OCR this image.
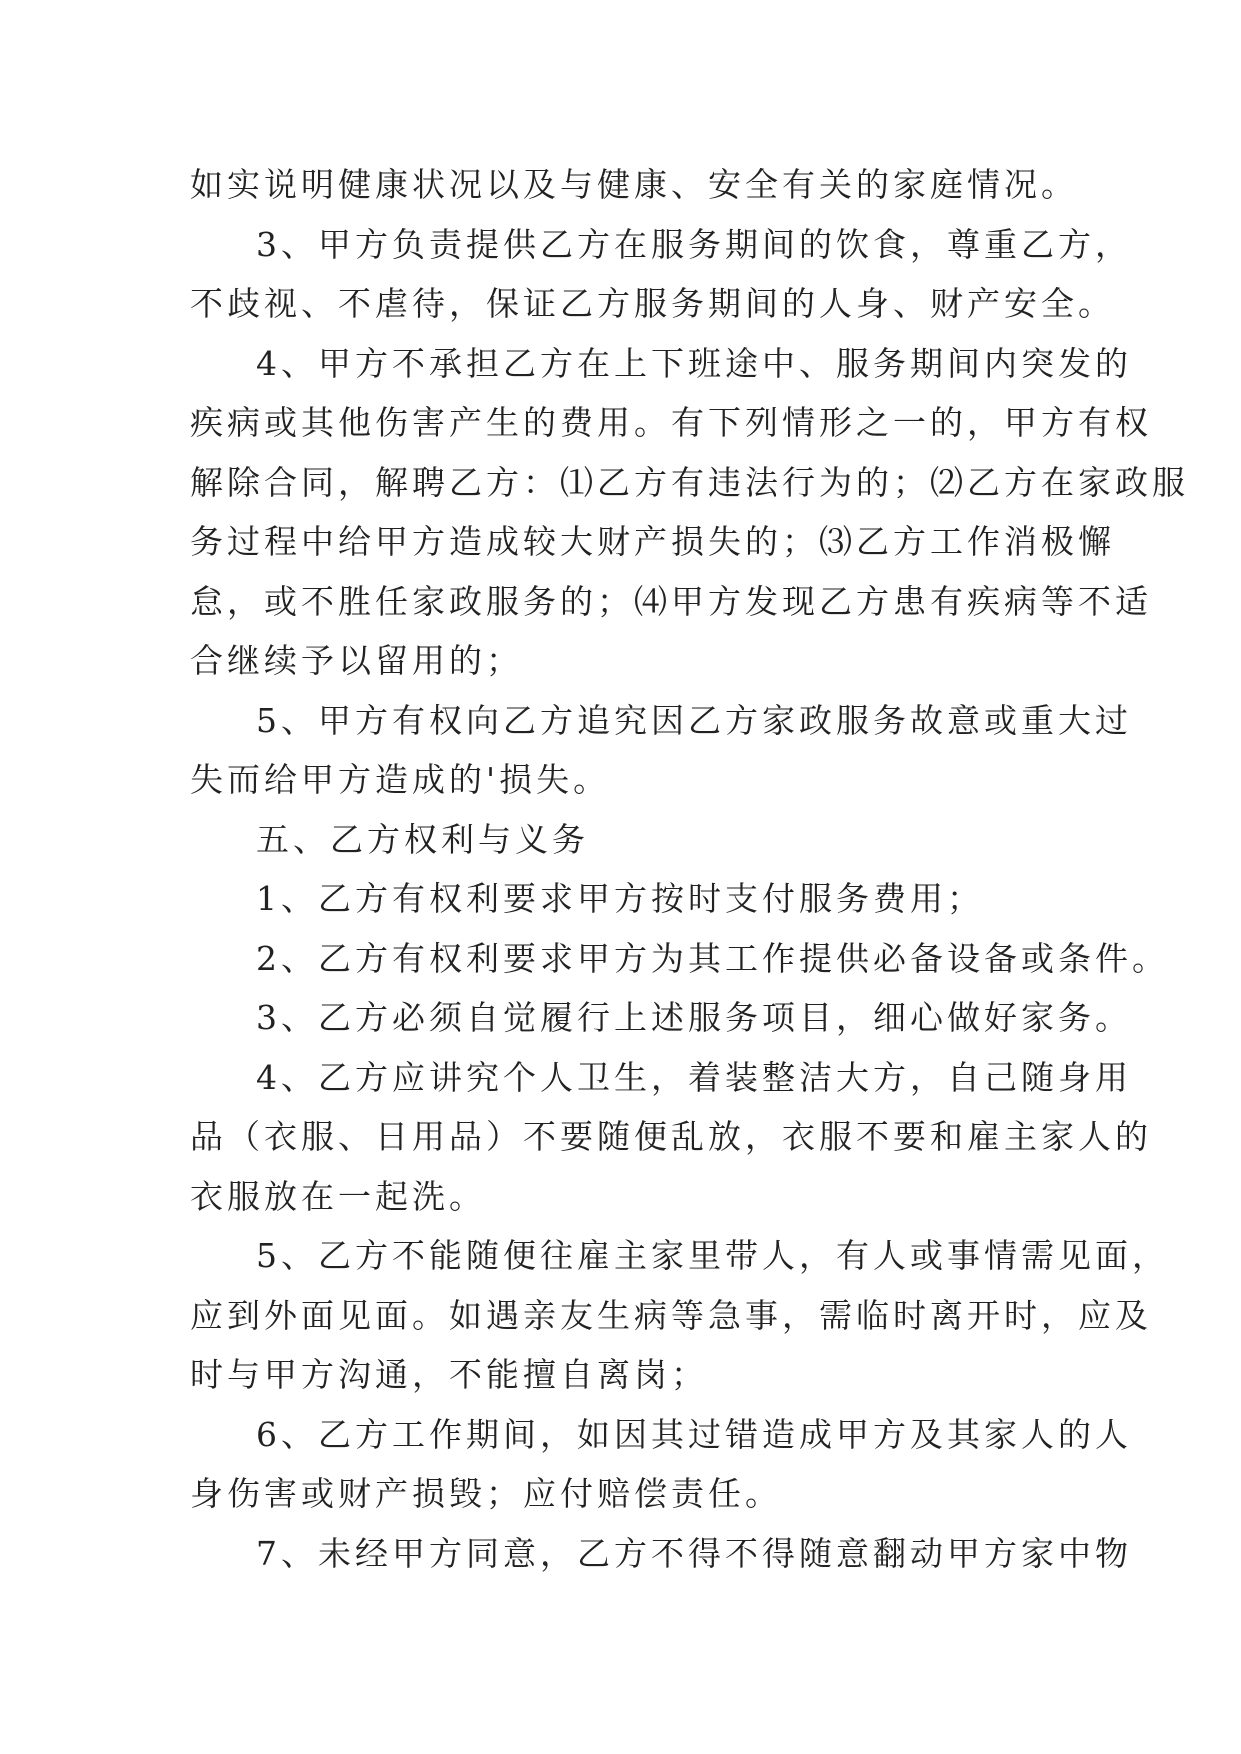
如实说明健康状况以及与健康、安全有关的家庭情况。

3、甲方负责提供乙方在服务期间的饮食，尊重乙方，

不歧视、不虐待，保证乙方服务期间的人身、财产安全。

4、甲方不承担乙方在上下班途中、服务期间内突发的

疾病或其他伤害产生的费用。有下列情形之一的，甲方有权

解除合同，解聘乙方：⑴乙方有违法行为的；⑵乙方在家政服

务过程中给甲方造成较大财产损失的；⑶乙方工作消极懈

怠，或不胜任家政服务的；⑷甲方发现乙方患有疾病等不适

合继续予以留用的；

5、甲方有权向乙方追究因乙方家政服务故意或重大过

失而给甲方造成的'损失。

五、乙方权利与义务

1、乙方有权利要求甲方按时支付服务费用；

2、乙方有权利要求甲方为其工作提供必备设备或条件。

3、乙方必须自觉履行上述服务项目，细心做好家务。

4、乙方应讲究个人卫生，着装整洁大方，自己随身用

品（衣服、日用品）不要随便乱放，衣服不要和雇主家人的

衣服放在一起洗。

5、乙方不能随便往雇主家里带人，有人或事情需见面，

应到外面见面。如遇亲友生病等急事，需临时离开时，应及

时与甲方沟通，不能擅自离岗；

6、乙方工作期间，如因其过错造成甲方及其家人的人

身伤害或财产损毁；应付赔偿责任。

7、未经甲方同意，乙方不得不得随意翻动甲方家中物
